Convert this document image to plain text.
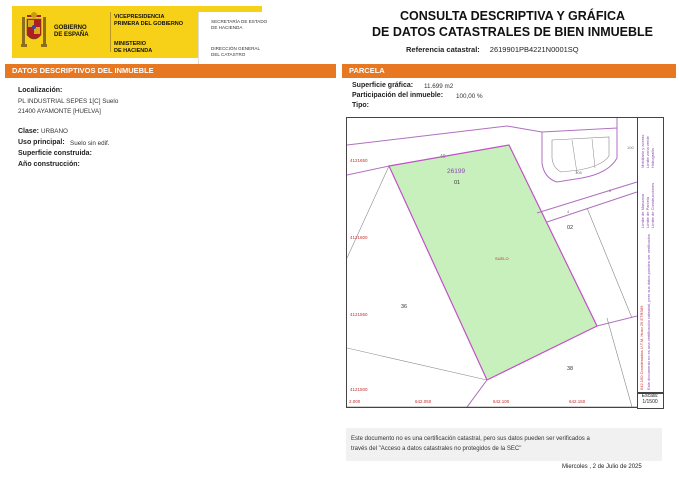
GOBIERNO
DE ESPAÑA
VICEPRESIDENCIA
PRIMERA DEL GOBIERNO
MINISTERIO
DE HACIENDA
SECRETARÍA DE ESTADO
DE HACIENDA
DIRECCIÓN GENERAL
DEL CATASTRO
CONSULTA DESCRIPTIVA Y GRÁFICA
DE DATOS CATASTRALES DE BIEN INMUEBLE
Referencia catastral: 2619901PB4221N0001SQ
DATOS DESCRIPTIVOS DEL INMUEBLE
Localización:
PL INDUSTRIAL SEPES 1[C] Suelo
21400 AYAMONTE [HUELVA]
Clase: URBANO
Uso principal: Suelo sin edif.
Superficie construida:
Año construcción:
PARCELA
Superficie gráfica: 11.699 m2
Participación del inmueble: 100,00 %
Tipo:
40
26199
01
SUELO
36
02
38
108
100
6
4
4121650
4121600
4121550
4121500
2.000	642.050	642.100	642.150
642.150 Coordenadas U.T.M. Huso 29 ETRS89 Este documento no es una certificación catastral, pero sus datos pueden ser verificados
Límite de Manzana Límite de Parcela Límite de Construcciones
Mobiliario y aceras Límite zona verde Hidrografía
Escala:
1/1500
Este documento no es una certificación catastral, pero sus datos pueden ser verificados a
través del "Acceso a datos catastrales no protegidos de la SEC"
Miercoles , 2 de Julio de 2025
